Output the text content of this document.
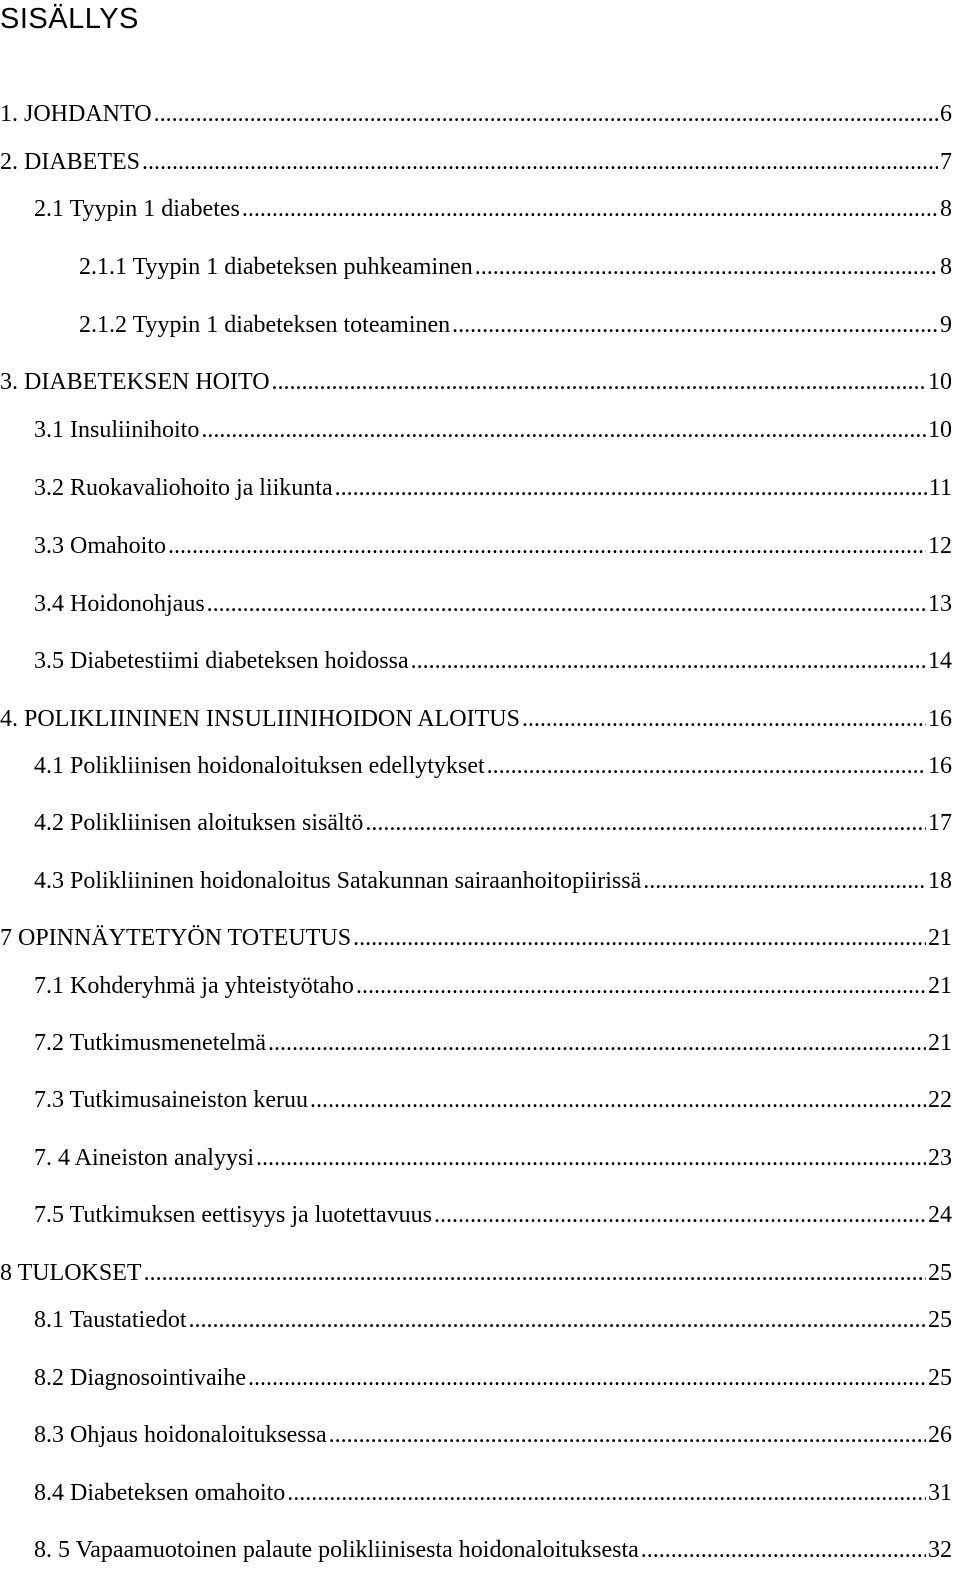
SISÄLLYS
1. JOHDANTO .....	6
2. DIABETES .....	7
2.1 Tyypin 1 diabetes .....	8
2.1.1 Tyypin 1 diabeteksen puhkeaminen .....	8
2.1.2 Tyypin 1 diabeteksen toteaminen .....	9
3. DIABETEKSEN HOITO .....	10
3.1 Insuliinihoito .....	10
3.2 Ruokavaliohoito ja liikunta .....	11
3.3 Omahoito .....	12
3.4 Hoidonohjaus .....	13
3.5 Diabetestiimi diabeteksen hoidossa .....	14
4. POLIKLIININEN INSULIINIHOIDON ALOITUS .....	16
4.1 Polikliinisen hoidonaloituksen edellytykset .....	16
4.2 Polikliinisen aloituksen sisältö .....	17
4.3 Polikliininen hoidonaloitus Satakunnan sairaanhoitopiirissä .....	18
7 OPINNÄYTETYÖN TOTEUTUS .....	21
7.1 Kohderyhmä ja yhteistyötaho .....	21
7.2 Tutkimusmenetelmä .....	21
7.3 Tutkimusaineiston keruu .....	22
7. 4 Aineiston analyysi .....	23
7.5 Tutkimuksen eettisyys ja luotettavuus .....	24
8 TULOKSET .....	25
8.1 Taustatiedot .....	25
8.2 Diagnosointivaihe .....	25
8.3 Ohjaus hoidonaloituksessa .....	26
8.4 Diabeteksen omahoito .....	31
8. 5 Vapaamuotoinen palaute polikliinisesta hoidonaloituksesta .....	32
